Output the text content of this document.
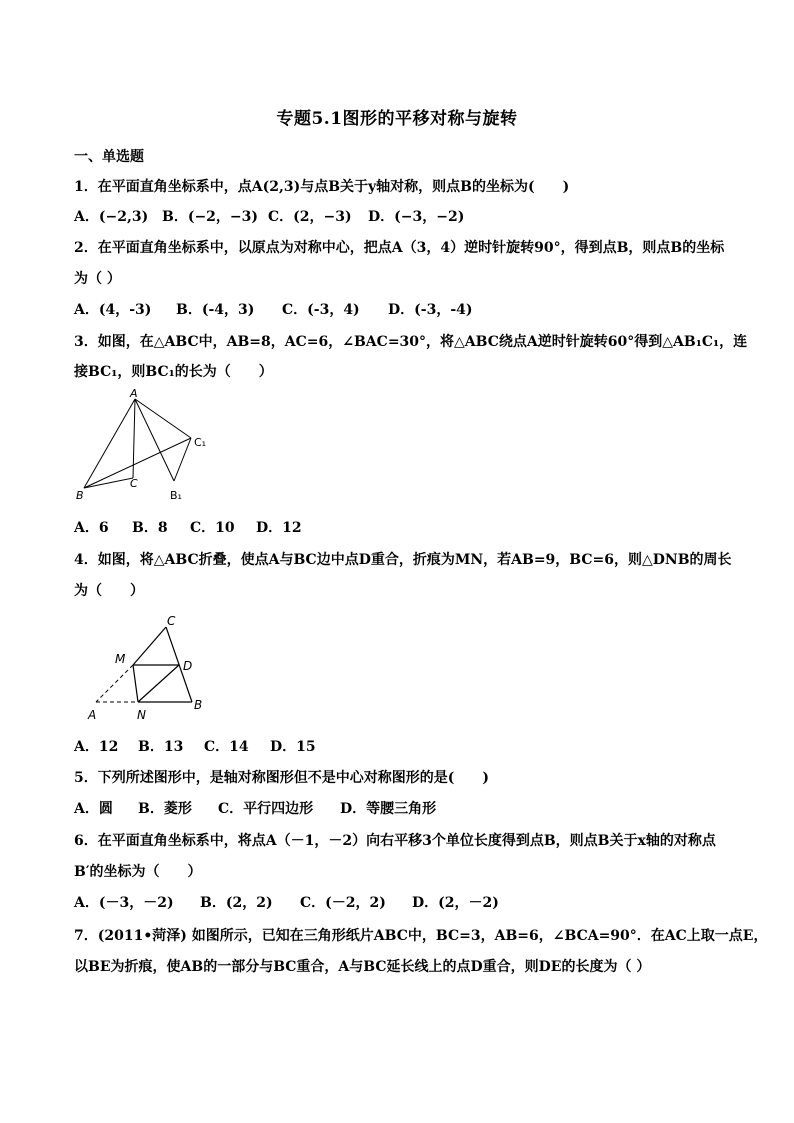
专题5.1图形的平移对称与旋转
一、单选题
1．在平面直角坐标系中，点A(2,3)与点B关于y轴对称，则点B的坐标为(　　)
A．(−2,3) B．(−2，−3) C．(2，−3) D．(−3，−2)
2．在平面直角坐标系中，以原点为对称中心，把点A（3，4）逆时针旋转90°，得到点B，则点B的坐标
为（ ）
A．(4，-3) B．(-4，3) C．(-3，4) D．(-3，-4)
3．如图，在△ABC中，AB=8，AC=6，∠BAC=30°，将△ABC绕点A逆时针旋转60°得到△AB₁C₁，连
接BC₁，则BC₁的长为（　　）
A
B
C
C₁
B₁
A．6 B．8 C．10 D．12
4．如图，将△ABC折叠，使点A与BC边中点D重合，折痕为MN，若AB=9，BC=6，则△DNB的周长
为（　　）
C
M	D
A	N
B
A．12 B．13 C．14 D．15
5．下列所述图形中，是轴对称图形但不是中心对称图形的是(　　)
A．圆 B．菱形 C．平行四边形 D．等腰三角形
6．在平面直角坐标系中，将点A（－1，－2）向右平移3个单位长度得到点B，则点B关于x轴的对称点
B′的坐标为（　　）
A．(－3，－2) B．(2，2) C．(－2，2) D．(2，－2)
7．(2011•菏泽) 如图所示，已知在三角形纸片ABC中，BC=3，AB=6，∠BCA=90°．在AC上取一点E，
以BE为折痕，使AB的一部分与BC重合，A与BC延长线上的点D重合，则DE的长度为（ ）
